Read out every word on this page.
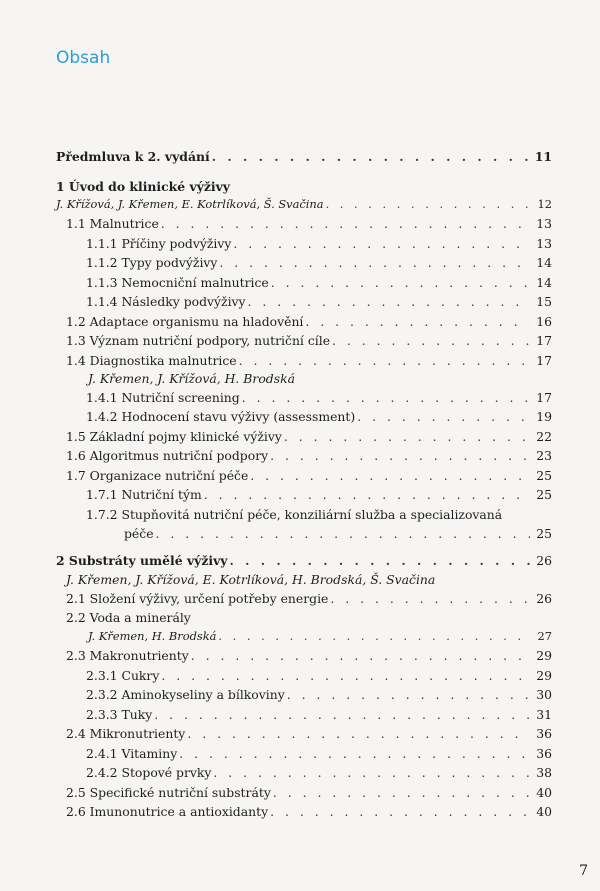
Obsah
Předmluva k 2. vydání . . .	11
1 Úvod do klinické výživy
J. Křížová, J. Křemen, E. Kotrlíková, Š. Svačina . . .	12
1.1 Malnutrice . . .	13
1.1.1 Příčiny podvýživy . . .	13
1.1.2 Typy podvýživy . . .	14
1.1.3 Nemocniční malnutrice . . .	14
1.1.4 Následky podvýživy . . .	15
1.2 Adaptace organismu na hladovění . . .	16
1.3 Význam nutriční podpory, nutriční cíle . . .	17
1.4 Diagnostika malnutrice . . .	17
J. Křemen, J. Křížová, H. Brodská
1.4.1 Nutriční screening . . .	17
1.4.2 Hodnocení stavu výživy (assessment) . . .	19
1.5 Základní pojmy klinické výživy . . .	22
1.6 Algoritmus nutriční podpory . . .	23
1.7 Organizace nutriční péče . . .	25
1.7.1 Nutriční tým . . .	25
1.7.2 Stupňovitá nutriční péče, konziliární služba a specializovaná
péče . . .	25
2 Substráty umělé výživy . . .	26
J. Křemen, J. Křížová, E. Kotrlíková, H. Brodská, Š. Svačina
2.1 Složení výživy, určení potřeby energie . . .	26
2.2 Voda a minerály
J. Křemen, H. Brodská . . .	27
2.3 Makronutrienty . . .	29
2.3.1 Cukry . . .	29
2.3.2 Aminokyseliny a bílkoviny . . .	30
2.3.3 Tuky . . .	31
2.4 Mikronutrienty . . .	36
2.4.1 Vitaminy . . .	36
2.4.2 Stopové prvky . . .	38
2.5 Specifické nutriční substráty . . .	40
2.6 Imunonutrice a antioxidanty . . .	40
7
